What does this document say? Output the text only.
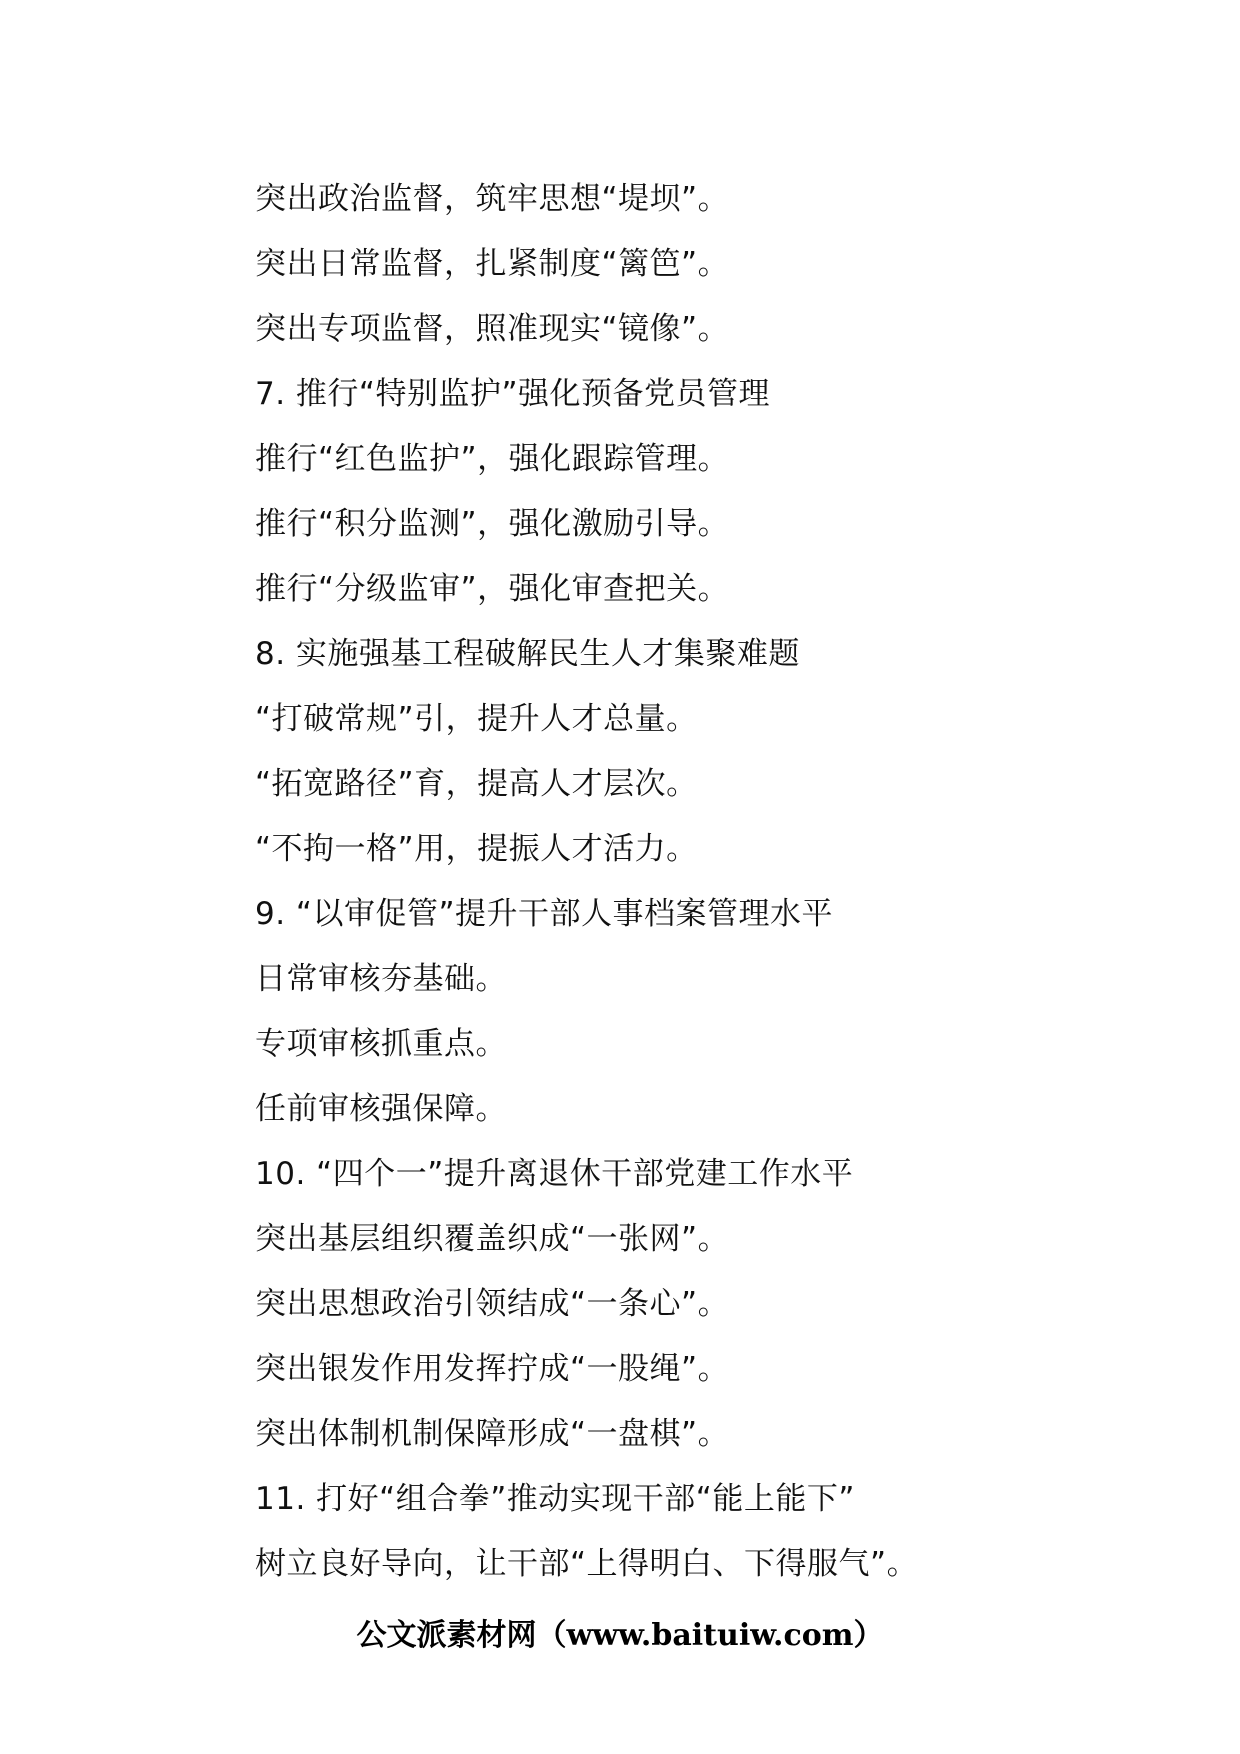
突出政治监督，筑牢思想“堤坝”。
突出日常监督，扎紧制度“篱笆”。
突出专项监督，照准现实“镜像”。
7. 推行“特别监护”强化预备党员管理
推行“红色监护”，强化跟踪管理。
推行“积分监测”，强化激励引导。
推行“分级监审”，强化审查把关。
8. 实施强基工程破解民生人才集聚难题
“打破常规”引，提升人才总量。
“拓宽路径”育，提高人才层次。
“不拘一格”用，提振人才活力。
9. “以审促管”提升干部人事档案管理水平
日常审核夯基础。
专项审核抓重点。
任前审核强保障。
10. “四个一”提升离退休干部党建工作水平
突出基层组织覆盖织成“一张网”。
突出思想政治引领结成“一条心”。
突出银发作用发挥拧成“一股绳”。
突出体制机制保障形成“一盘棋”。
11. 打好“组合拳”推动实现干部“能上能下”
树立良好导向，让干部“上得明白、下得服气”。
公文派素材网（www.baituiw.com）
